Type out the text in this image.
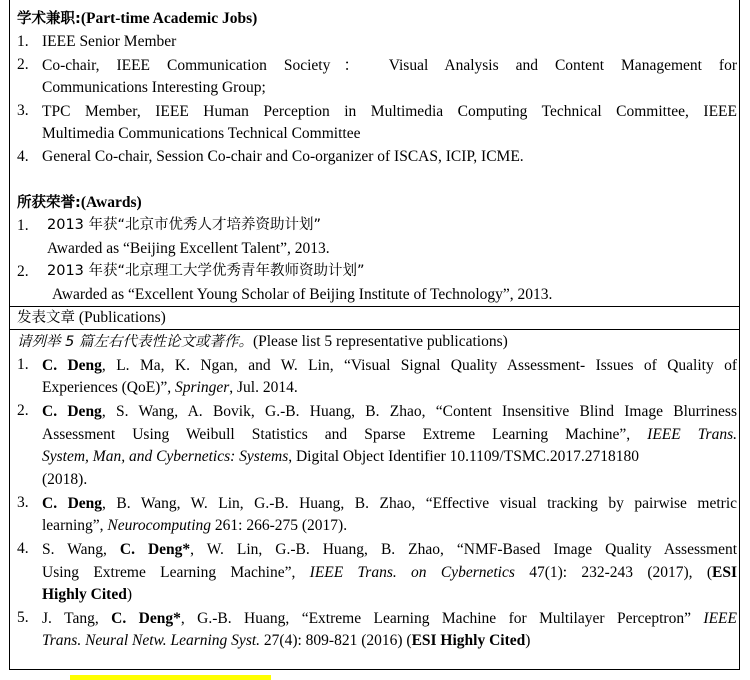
学术兼职:(Part-time Academic Jobs)
1. IEEE Senior Member
2. Co-chair, IEEE Communication Society： Visual Analysis and Content Management for
Communications Interesting Group;
3. TPC Member, IEEE Human Perception in Multimedia Computing Technical Committee, IEEE
Multimedia Communications Technical Committee
4. General Co-chair, Session Co-chair and Co-organizer of ISCAS, ICIP, ICME.
所获荣誉:(Awards)
1. 2013 年获“北京市优秀人才培养资助计划”
Awarded as “Beijing Excellent Talent”, 2013.
2. 2013 年获“北京理工大学优秀青年教师资助计划”
Awarded as “Excellent Young Scholar of Beijing Institute of Technology”, 2013.
发表文章 (Publications)
请列举 5 篇左右代表性论文或著作。(Please list 5 representative publications)
1. C. Deng, L. Ma, K. Ngan, and W. Lin, “Visual Signal Quality Assessment- Issues of Quality of
Experiences (QoE)”, Springer, Jul. 2014.
2. C. Deng, S. Wang, A. Bovik, G.-B. Huang, B. Zhao, “Content Insensitive Blind Image Blurriness
Assessment Using Weibull Statistics and Sparse Extreme Learning Machine”, IEEE Trans.
System, Man, and Cybernetics: Systems, Digital Object Identifier 10.1109/TSMC.2017.2718180
(2018).
3. C. Deng, B. Wang, W. Lin, G.-B. Huang, B. Zhao, “Effective visual tracking by pairwise metric
learning”, Neurocomputing 261: 266-275 (2017).
4. S. Wang, C. Deng*, W. Lin, G.-B. Huang, B. Zhao, “NMF-Based Image Quality Assessment
Using Extreme Learning Machine”, IEEE Trans. on Cybernetics 47(1): 232-243 (2017), (ESI
Highly Cited)
5. J. Tang, C. Deng*, G.-B. Huang, “Extreme Learning Machine for Multilayer Perceptron” IEEE
Trans. Neural Netw. Learning Syst. 27(4): 809-821 (2016) (ESI Highly Cited)
